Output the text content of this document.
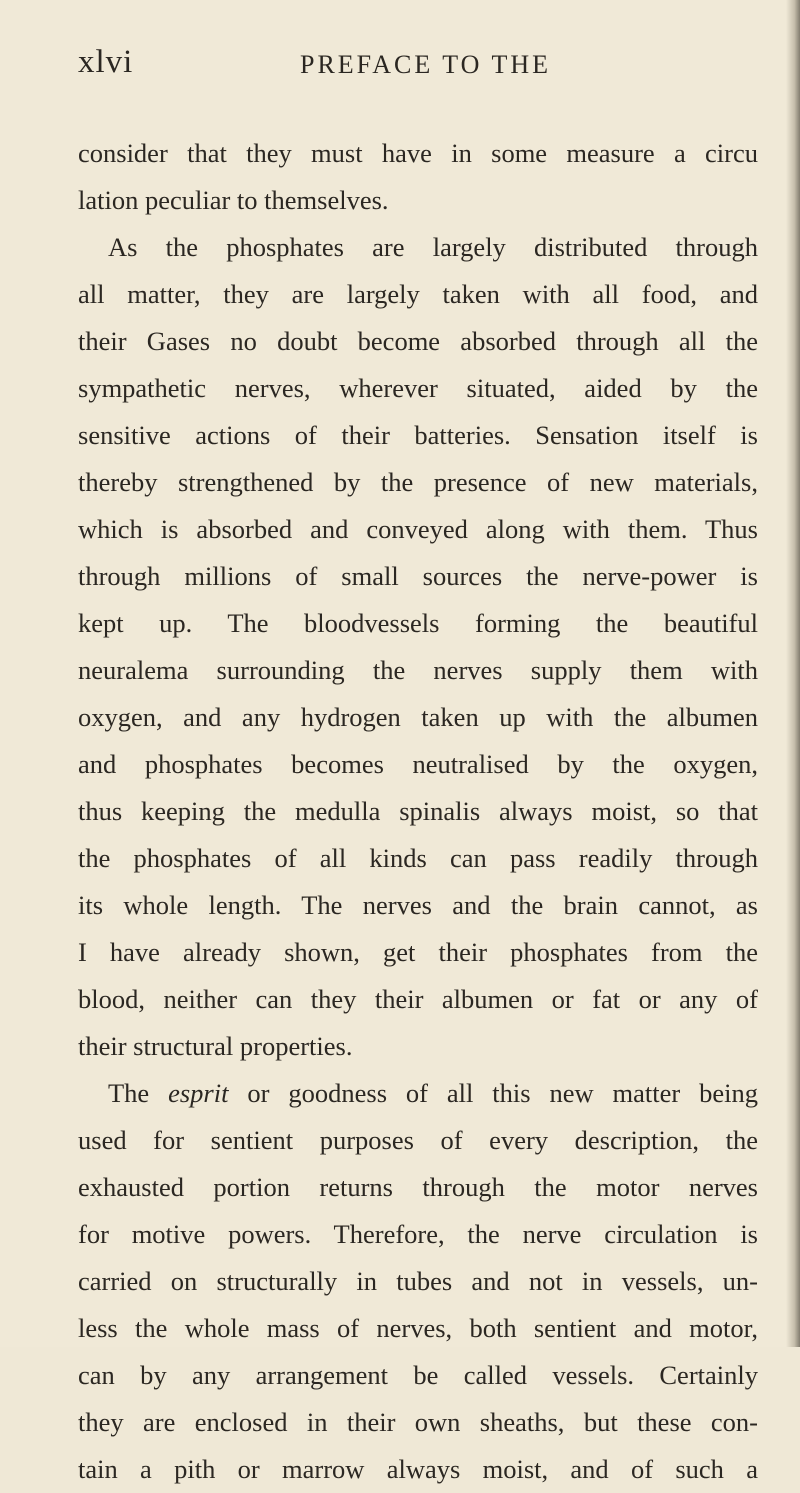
xlvi	PREFACE TO THE
consider that they must have in some measure a circu
lation peculiar to themselves.
As the phosphates are largely distributed through
all matter, they are largely taken with all food, and
their Gases no doubt become absorbed through all the
sympathetic nerves, wherever situated, aided by the
sensitive actions of their batteries. Sensation itself is
thereby strengthened by the presence of new materials,
which is absorbed and conveyed along with them. Thus
through millions of small sources the nerve-power is
kept up. The bloodvessels forming the beautiful
neuralema surrounding the nerves supply them with
oxygen, and any hydrogen taken up with the albumen
and phosphates becomes neutralised by the oxygen,
thus keeping the medulla spinalis always moist, so that
the phosphates of all kinds can pass readily through
its whole length. The nerves and the brain cannot, as
I have already shown, get their phosphates from the
blood, neither can they their albumen or fat or any of
their structural properties.
The esprit or goodness of all this new matter being
used for sentient purposes of every description, the
exhausted portion returns through the motor nerves
for motive powers. Therefore, the nerve circulation is
carried on structurally in tubes and not in vessels, un-
less the whole mass of nerves, both sentient and motor,
can by any arrangement be called vessels. Certainly
they are enclosed in their own sheaths, but these con-
tain a pith or marrow always moist, and of such a
